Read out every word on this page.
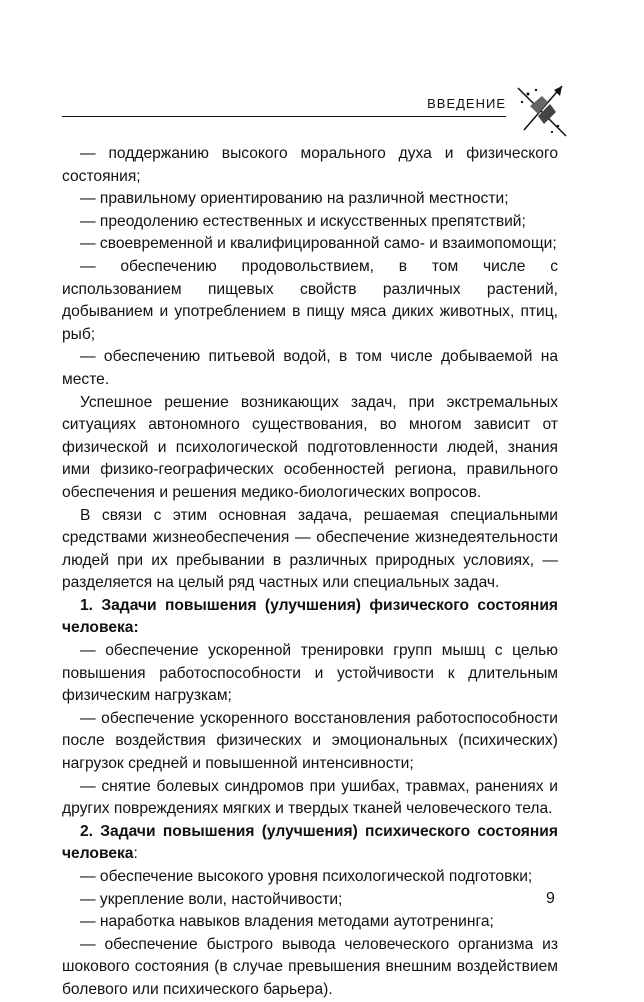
ВВЕДЕНИЕ

— поддержанию высокого морального духа и физического состояния;

— правильному ориентированию на различной местности;

— преодолению естественных и искусственных препятствий;

— своевременной и квалифицированной само- и взаимопомощи;

— обеспечению продовольствием, в том числе с использованием пищевых свойств различных растений, добыванием и употреблением в пищу мяса диких животных, птиц, рыб;

— обеспечению питьевой водой, в том числе добываемой на месте.

Успешное решение возникающих задач, при экстремальных ситуациях автономного существования, во многом зависит от физической и психологической подготовленности людей, знания ими физико-географических особенностей региона, правильного обеспечения и решения медико-биологических вопросов.

В связи с этим основная задача, решаемая специальными средствами жизнеобеспечения — обеспечение жизнедеятельности людей при их пребывании в различных природных условиях, — разделяется на целый ряд частных или специальных задач.

1. Задачи повышения (улучшения) физического состояния человека:

— обеспечение ускоренной тренировки групп мышц с целью повышения работоспособности и устойчивости к длительным физическим нагрузкам;

— обеспечение ускоренного восстановления работоспособности после воздействия физических и эмоциональных (психических) нагрузок средней и повышенной интенсивности;

— снятие болевых синдромов при ушибах, травмах, ранениях и других повреждениях мягких и твердых тканей человеческого тела.

2. Задачи повышения (улучшения) психического состояния человека:

— обеспечение высокого уровня психологической подготовки;

— укрепление воли, настойчивости;

— наработка навыков владения методами аутотренинга;

— обеспечение быстрого вывода человеческого организма из шокового состояния (в случае превышения внешним воздействием болевого или психического барьера).

9
